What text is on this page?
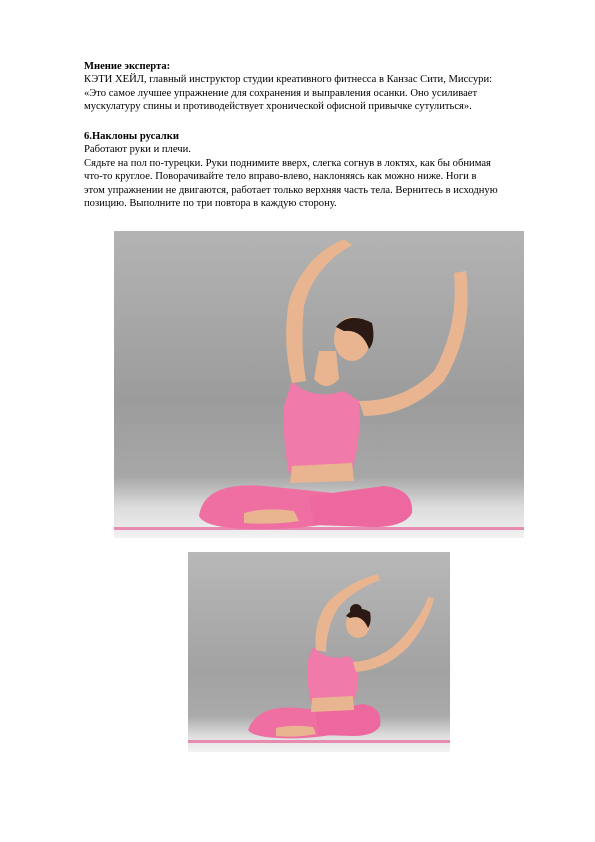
Мнение эксперта:

КЭТИ ХЕЙЛ, главный инструктор студии креативного фитнесса в Канзас Сити, Миссури:

«Это самое лучшее упражнение для сохранения и выправления осанки. Оно усиливает

мускулатуру спины и противодействует хронической офисной привычке сутулиться».

6.Наклоны русалки

Работают руки и плечи.

Сядьте на пол по-турецки. Руки поднимите вверх, слегка согнув в локтях, как бы обнимая

что-то круглое. Поворачивайте тело вправо-влево, наклоняясь как можно ниже. Ноги в

этом упражнении не двигаются, работает только верхняя часть тела. Вернитесь в исходную

позицию. Выполните по три повтора в каждую сторону.
